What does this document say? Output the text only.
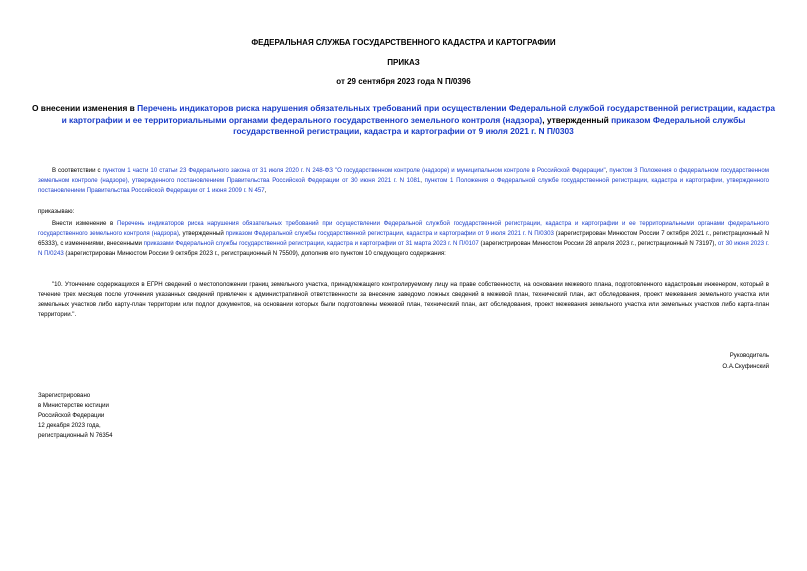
ФЕДЕРАЛЬНАЯ СЛУЖБА ГОСУДАРСТВЕННОГО КАДАСТРА И КАРТОГРАФИИ
ПРИКАЗ
от 29 сентября 2023 года N П/0396
О внесении изменения в Перечень индикаторов риска нарушения обязательных требований при осуществлении Федеральной службой государственной регистрации, кадастра и картографии и ее территориальными органами федерального государственного земельного контроля (надзора), утвержденный приказом Федеральной службы государственной регистрации, кадастра и картографии от 9 июля 2021 г. N П/0303
В соответствии с пунктом 1 части 10 статьи 23 Федерального закона от 31 июля 2020 г. N 248-ФЗ "О государственном контроле (надзоре) и муниципальном контроле в Российской Федерации", пунктом 3 Положения о федеральном государственном земельном контроле (надзоре), утвержденного постановлением Правительства Российской Федерации от 30 июня 2021 г. N 1081, пунктом 1 Положения о Федеральной службе государственной регистрации, кадастра и картографии, утвержденного постановлением Правительства Российской Федерации от 1 июня 2009 г. N 457,
приказываю:
Внести изменение в Перечень индикаторов риска нарушения обязательных требований при осуществлении Федеральной службой государственной регистрации, кадастра и картографии и ее территориальными органами федерального государственного земельного контроля (надзора), утвержденный приказом Федеральной службы государственной регистрации, кадастра и картографии от 9 июля 2021 г. N П/0303 (зарегистрирован Минюстом России 7 октября 2021 г., регистрационный N 65333), с изменениями, внесенными приказами Федеральной службы государственной регистрации, кадастра и картографии от 31 марта 2023 г. N П/0107 (зарегистрирован Минюстом России 28 апреля 2023 г., регистрационный N 73197), от 30 июня 2023 г. N П/0243 (зарегистрирован Минюстом России 9 октября 2023 г., регистрационный N 75509), дополнив его пунктом 10 следующего содержания:
"10. Утончение содержащихся в ЕГРН сведений о местоположении границ земельного участка, принадлежащего контролируемому лицу на праве собственности, на основании межевого плана, подготовленного кадастровым инженером, который в течение трех месяцев после уточнения указанных сведений привлечен к административной ответственности за внесение заведомо ложных сведений в межевой план, технический план, акт обследования, проект межевания земельного участка или земельных участков либо карту-план территории или подлог документов, на основании которых были подготовлены межевой план, технический план, акт обследования, проект межевания земельного участка или земельных участков либо карта-план территории.".
Руководитель
О.А.Скуфинский
Зарегистрировано
в Министерстве юстиции
Российской Федерации
12 декабря 2023 года,
регистрационный N 76354
